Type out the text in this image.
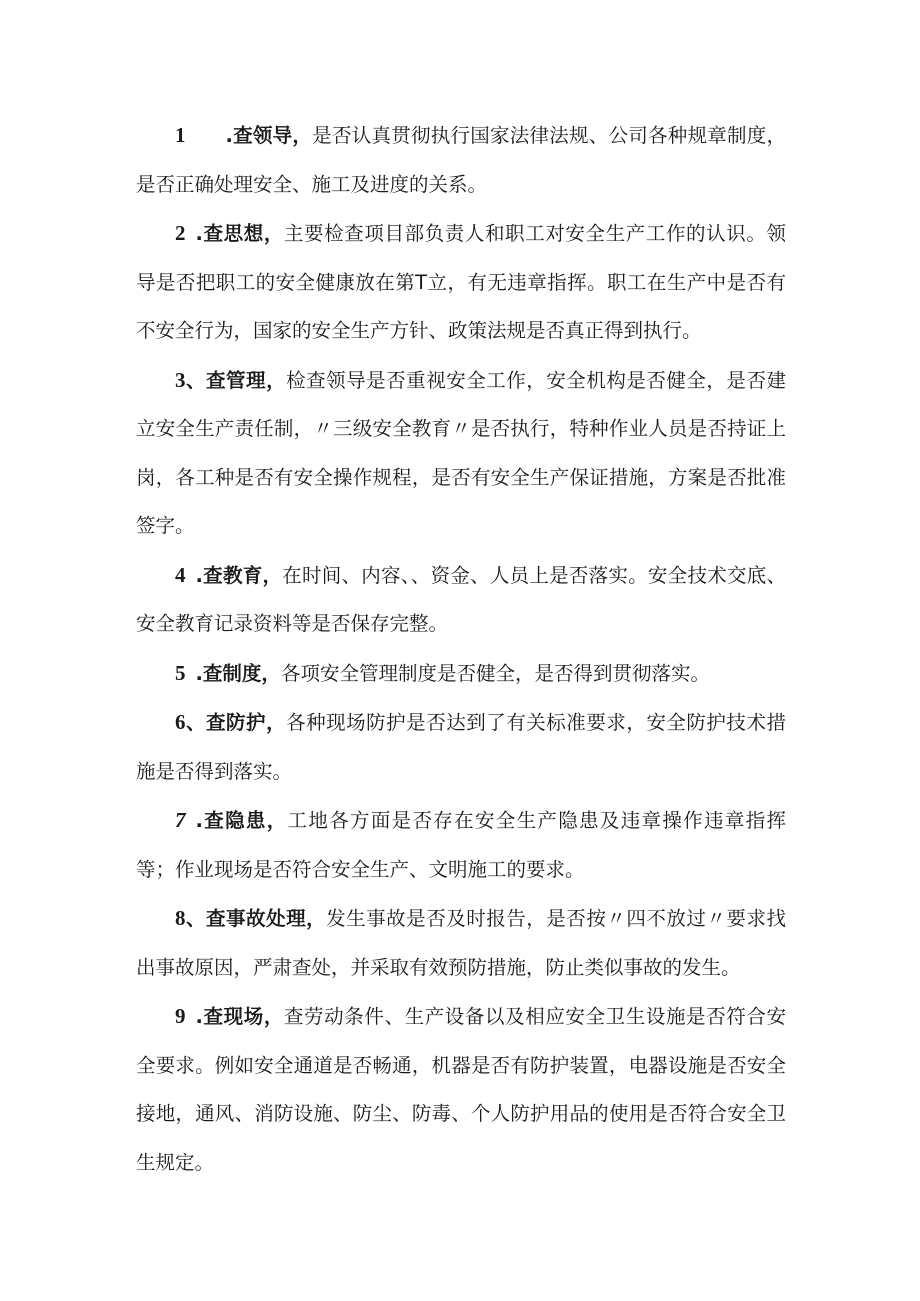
1 .查领导，是否认真贯彻执行国家法律法规、公司各种规章制度，是否正确处理安全、施工及进度的关系。

2 .查思想，主要检查项目部负责人和职工对安全生产工作的认识。领导是否把职工的安全健康放在第T立，有无违章指挥。职工在生产中是否有不安全行为，国家的安全生产方针、政策法规是否真正得到执行。

3、查管理，检查领导是否重视安全工作，安全机构是否健全，是否建立安全生产责任制，〃三级安全教育〃是否执行，特种作业人员是否持证上岗，各工种是否有安全操作规程，是否有安全生产保证措施，方案是否批准签字。

4 .查教育，在时间、内容、、资金、人员上是否落实。安全技术交底、安全教育记录资料等是否保存完整。

5 .查制度，各项安全管理制度是否健全，是否得到贯彻落实。

6、查防护，各种现场防护是否达到了有关标准要求，安全防护技术措施是否得到落实。

7 .查隐患，工地各方面是否存在安全生产隐患及违章操作违章指挥等；作业现场是否符合安全生产、文明施工的要求。

8、查事故处理，发生事故是否及时报告，是否按〃四不放过〃要求找出事故原因，严肃查处，并采取有效预防措施，防止类似事故的发生。

9 .查现场，查劳动条件、生产设备以及相应安全卫生设施是否符合安全要求。例如安全通道是否畅通，机器是否有防护装置，电器设施是否安全接地，通风、消防设施、防尘、防毒、个人防护用品的使用是否符合安全卫生规定。
